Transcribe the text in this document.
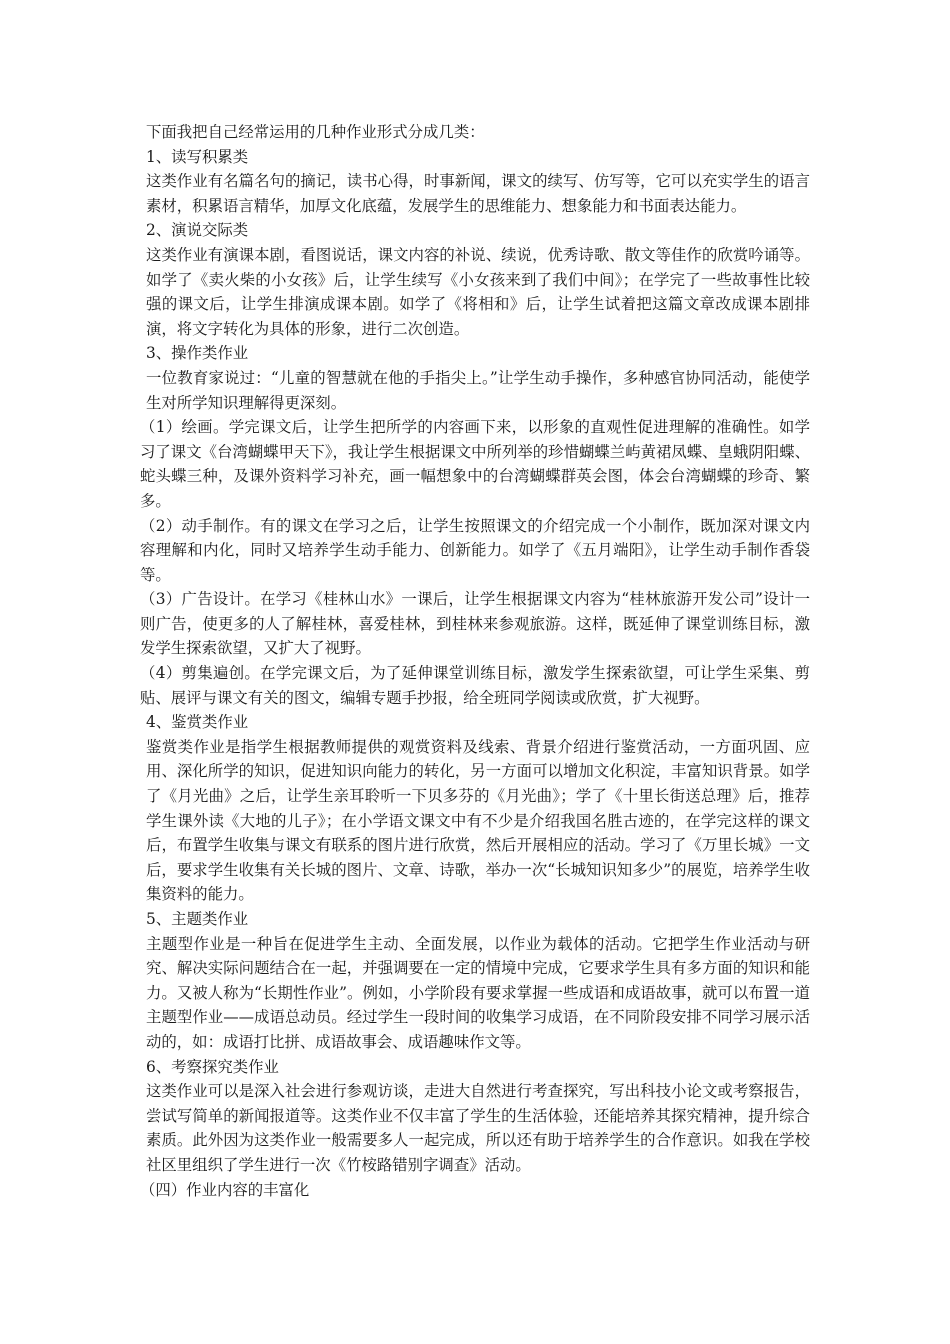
下面我把自己经常运用的几种作业形式分成几类：

1、读写积累类

这类作业有名篇名句的摘记，读书心得，时事新闻，课文的续写、仿写等，它可以充实学生的语言素材，积累语言精华，加厚文化底蕴，发展学生的思维能力、想象能力和书面表达能力。

2、演说交际类

这类作业有演课本剧，看图说话，课文内容的补说、续说，优秀诗歌、散文等佳作的欣赏吟诵等。如学了《卖火柴的小女孩》后，让学生续写《小女孩来到了我们中间》；在学完了一些故事性比较强的课文后，让学生排演成课本剧。如学了《将相和》后，让学生试着把这篇文章改成课本剧排演，将文字转化为具体的形象，进行二次创造。

3、操作类作业

一位教育家说过：“儿童的智慧就在他的手指尖上。”让学生动手操作，多种感官协同活动，能使学生对所学知识理解得更深刻。

（1）绘画。学完课文后，让学生把所学的内容画下来，以形象的直观性促进理解的准确性。如学习了课文《台湾蝴蝶甲天下》，我让学生根据课文中所列举的珍惜蝴蝶兰屿黄裙凤蝶、皇蛾阴阳蝶、蛇头蝶三种，及课外资料学习补充，画一幅想象中的台湾蝴蝶群英会图，体会台湾蝴蝶的珍奇、繁多。

（2）动手制作。有的课文在学习之后，让学生按照课文的介绍完成一个小制作，既加深对课文内容理解和内化，同时又培养学生动手能力、创新能力。如学了《五月端阳》，让学生动手制作香袋等。

（3）广告设计。在学习《桂林山水》一课后，让学生根据课文内容为“桂林旅游开发公司”设计一则广告，使更多的人了解桂林，喜爱桂林，到桂林来参观旅游。这样，既延伸了课堂训练目标，激发学生探索欲望，又扩大了视野。

（4）剪集遍创。在学完课文后，为了延伸课堂训练目标，激发学生探索欲望，可让学生采集、剪贴、展评与课文有关的图文，编辑专题手抄报，给全班同学阅读或欣赏，扩大视野。

4、鉴赏类作业

鉴赏类作业是指学生根据教师提供的观赏资料及线索、背景介绍进行鉴赏活动，一方面巩固、应用、深化所学的知识，促进知识向能力的转化，另一方面可以增加文化积淀，丰富知识背景。如学了《月光曲》之后，让学生亲耳聆听一下贝多芬的《月光曲》；学了《十里长街送总理》后，推荐学生课外读《大地的儿子》；在小学语文课文中有不少是介绍我国名胜古迹的，在学完这样的课文后，布置学生收集与课文有联系的图片进行欣赏，然后开展相应的活动。学习了《万里长城》一文后，要求学生收集有关长城的图片、文章、诗歌，举办一次“长城知识知多少”的展览，培养学生收集资料的能力。

5、主题类作业

主题型作业是一种旨在促进学生主动、全面发展，以作业为载体的活动。它把学生作业活动与研究、解决实际问题结合在一起，并强调要在一定的情境中完成，它要求学生具有多方面的知识和能力。又被人称为“长期性作业”。例如，小学阶段有要求掌握一些成语和成语故事，就可以布置一道主题型作业——成语总动员。经过学生一段时间的收集学习成语，在不同阶段安排不同学习展示活动的，如：成语打比拼、成语故事会、成语趣味作文等。

6、考察探究类作业

这类作业可以是深入社会进行参观访谈，走进大自然进行考查探究，写出科技小论文或考察报告，尝试写简单的新闻报道等。这类作业不仅丰富了学生的生活体验，还能培养其探究精神，提升综合素质。此外因为这类作业一般需要多人一起完成，所以还有助于培养学生的合作意识。如我在学校社区里组织了学生进行一次《竹桉路错别字调查》活动。

（四）作业内容的丰富化
